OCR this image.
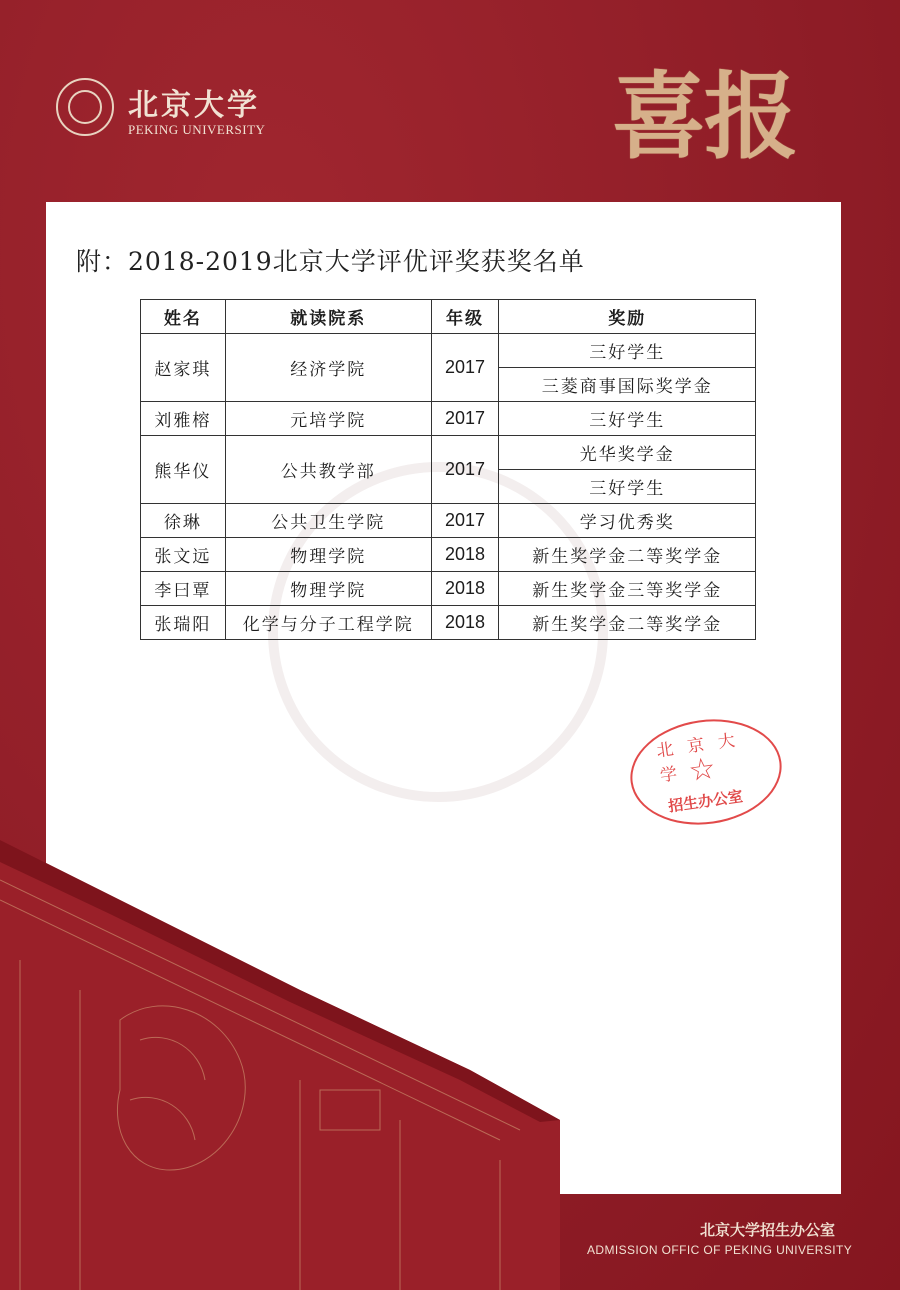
北京大学
PEKING UNIVERSITY	喜报
附：2018-2019北京大学评优评奖获奖名单
姓名	就读院系	年级	奖励
赵家琪	经济学院	2017	三好学生
			三菱商事国际奖学金
刘雅榕	元培学院	2017	三好学生
熊华仪	公共教学部	2017	光华奖学金
			三好学生
徐琳	公共卫生学院	2017	学习优秀奖
张文远	物理学院	2018	新生奖学金二等奖学金
李曰覃	物理学院	2018	新生奖学金三等奖学金
张瑞阳	化学与分子工程学院	2018	新生奖学金二等奖学金
北京大学
☆
招生办公室
北京大学招生办公室
ADMISSION OFFIC OF PEKING UNIVERSITY
